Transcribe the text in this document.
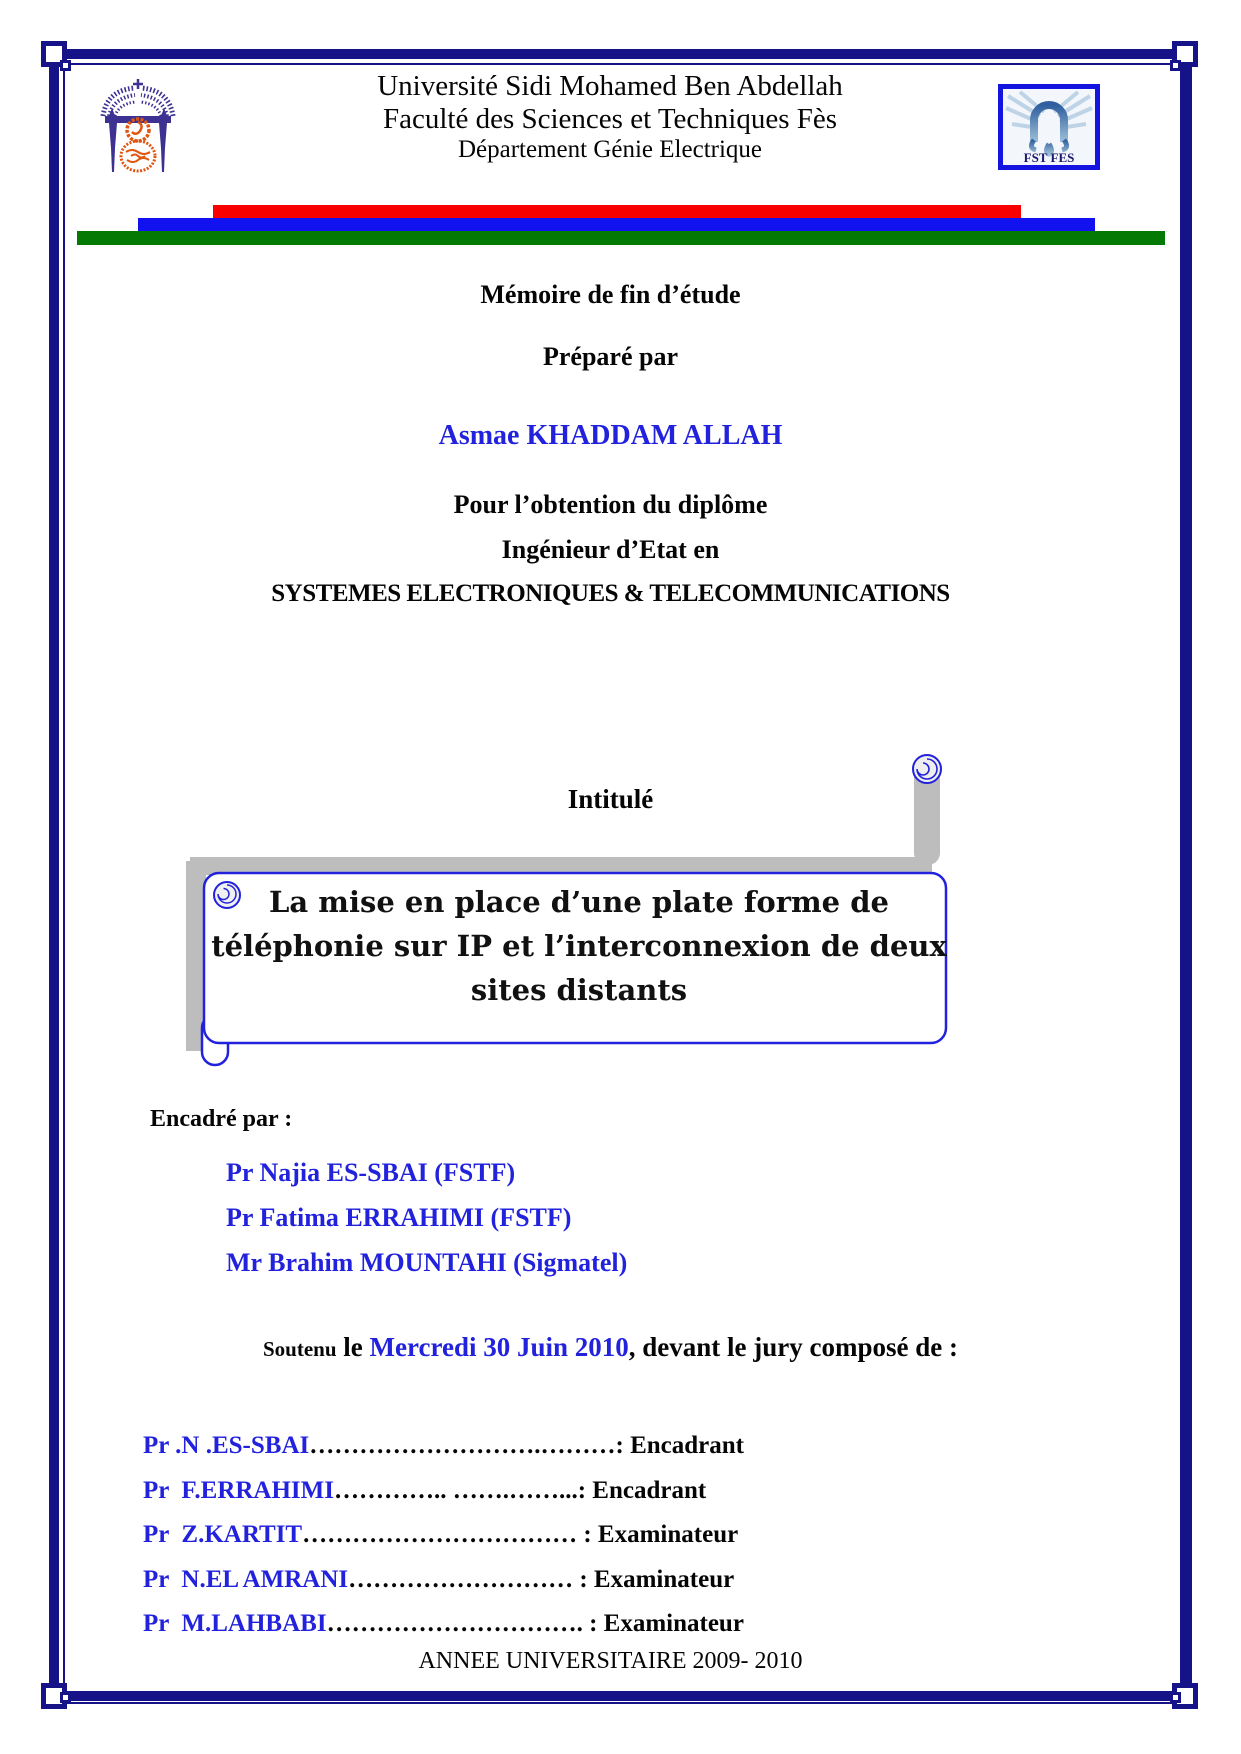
Université Sidi Mohamed Ben Abdellah
Faculté des Sciences et Techniques Fès
Département Génie Electrique	FST FES
Mémoire de fin d’étude
Préparé par
Asmae KHADDAM ALLAH
Pour l’obtention du diplôme
Ingénieur d’Etat en
SYSTEMES ELECTRONIQUES & TELECOMMUNICATIONS
Intitulé
La mise en place d’une plate forme de
téléphonie sur IP et l’interconnexion de deux
sites distants
Encadré par :
Pr Najia ES-SBAI (FSTF)
Pr Fatima ERRAHIMI (FSTF)
Mr Brahim MOUNTAHI (Sigmatel)
Soutenu le Mercredi 30 Juin 2010, devant le jury composé de :
Pr .N .ES-SBAI……………………….………: Encadrant
Pr  F.ERRAHIMI………….. …….……...: Encadrant
Pr  Z.KARTIT…………………………… : Examinateur
Pr  N.EL AMRANI……………………… : Examinateur
Pr  M.LAHBABI…………………………. : Examinateur
ANNEE UNIVERSITAIRE 2009- 2010
